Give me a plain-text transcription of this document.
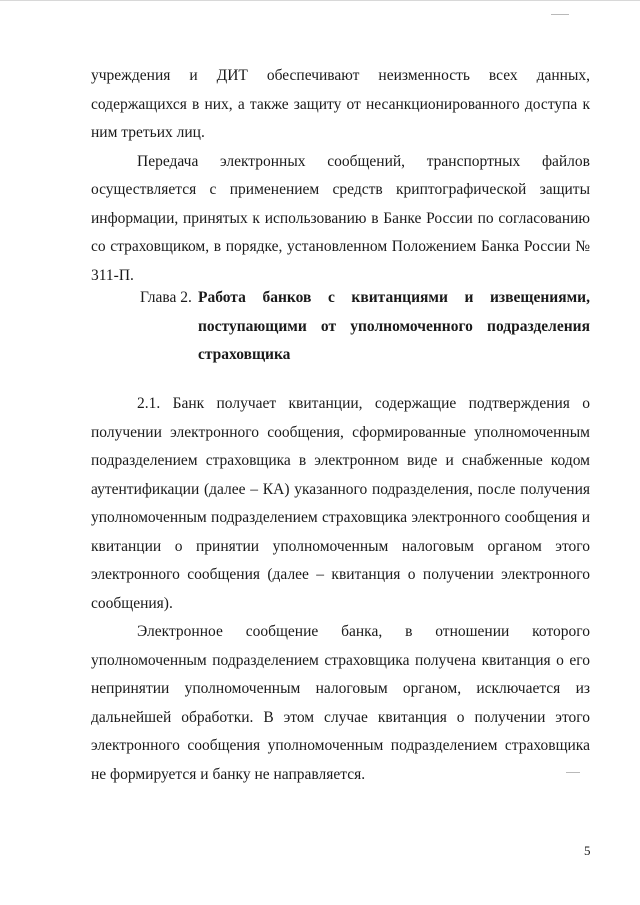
учреждения и ДИТ обеспечивают неизменность всех данных, содержащихся в них, а также защиту от несанкционированного доступа к ним третьих лиц.

Передача электронных сообщений, транспортных файлов осуществляется с применением средств криптографической защиты информации, принятых к использованию в Банке России по согласованию со страховщиком, в порядке, установленном Положением Банка России № 311-П.

Глава 2. Работа банков с квитанциями и извещениями, поступающими от уполномоченного подразделения страховщика

2.1. Банк получает квитанции, содержащие подтверждения о получении электронного сообщения, сформированные уполномоченным подразделением страховщика в электронном виде и снабженные кодом аутентификации (далее – КА) указанного подразделения, после получения уполномоченным подразделением страховщика электронного сообщения и квитанции о принятии уполномоченным налоговым органом этого электронного сообщения (далее – квитанция о получении электронного сообщения).

Электронное сообщение банка, в отношении которого уполномоченным подразделением страховщика получена квитанция о его непринятии уполномоченным налоговым органом, исключается из дальнейшей обработки. В этом случае квитанция о получении этого электронного сообщения уполномоченным подразделением страховщика не формируется и банку не направляется.

5
